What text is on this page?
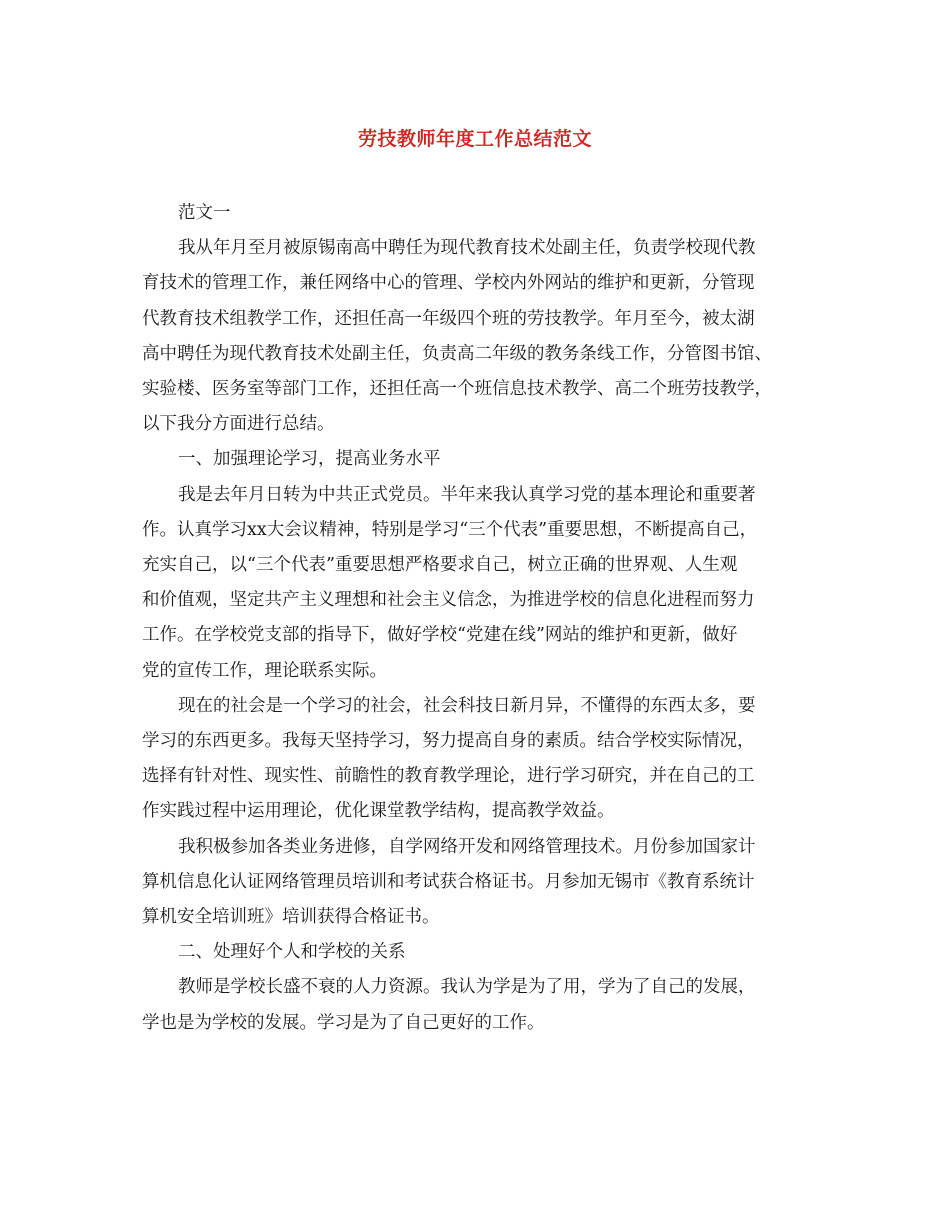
劳技教师年度工作总结范文

范文一

我从年月至月被原锡南高中聘任为现代教育技术处副主任，负责学校现代教
育技术的管理工作，兼任网络中心的管理、学校内外网站的维护和更新，分管现
代教育技术组教学工作，还担任高一年级四个班的劳技教学。年月至今，被太湖
高中聘任为现代教育技术处副主任，负责高二年级的教务条线工作，分管图书馆、
实验楼、医务室等部门工作，还担任高一个班信息技术教学、高二个班劳技教学，
以下我分方面进行总结。

一、加强理论学习，提高业务水平

我是去年月日转为中共正式党员。半年来我认真学习党的基本理论和重要著
作。认真学习xx大会议精神，特别是学习“三个代表”重要思想，不断提高自己，
充实自己，以“三个代表”重要思想严格要求自己，树立正确的世界观、人生观
和价值观，坚定共产主义理想和社会主义信念，为推进学校的信息化进程而努力
工作。在学校党支部的指导下，做好学校“党建在线”网站的维护和更新，做好
党的宣传工作，理论联系实际。

现在的社会是一个学习的社会，社会科技日新月异，不懂得的东西太多，要
学习的东西更多。我每天坚持学习，努力提高自身的素质。结合学校实际情况，
选择有针对性、现实性、前瞻性的教育教学理论，进行学习研究，并在自己的工
作实践过程中运用理论，优化课堂教学结构，提高教学效益。

我积极参加各类业务进修，自学网络开发和网络管理技术。月份参加国家计
算机信息化认证网络管理员培训和考试获合格证书。月参加无锡市《教育系统计
算机安全培训班》培训获得合格证书。

二、处理好个人和学校的关系

教师是学校长盛不衰的人力资源。我认为学是为了用，学为了自己的发展，
学也是为学校的发展。学习是为了自己更好的工作。
